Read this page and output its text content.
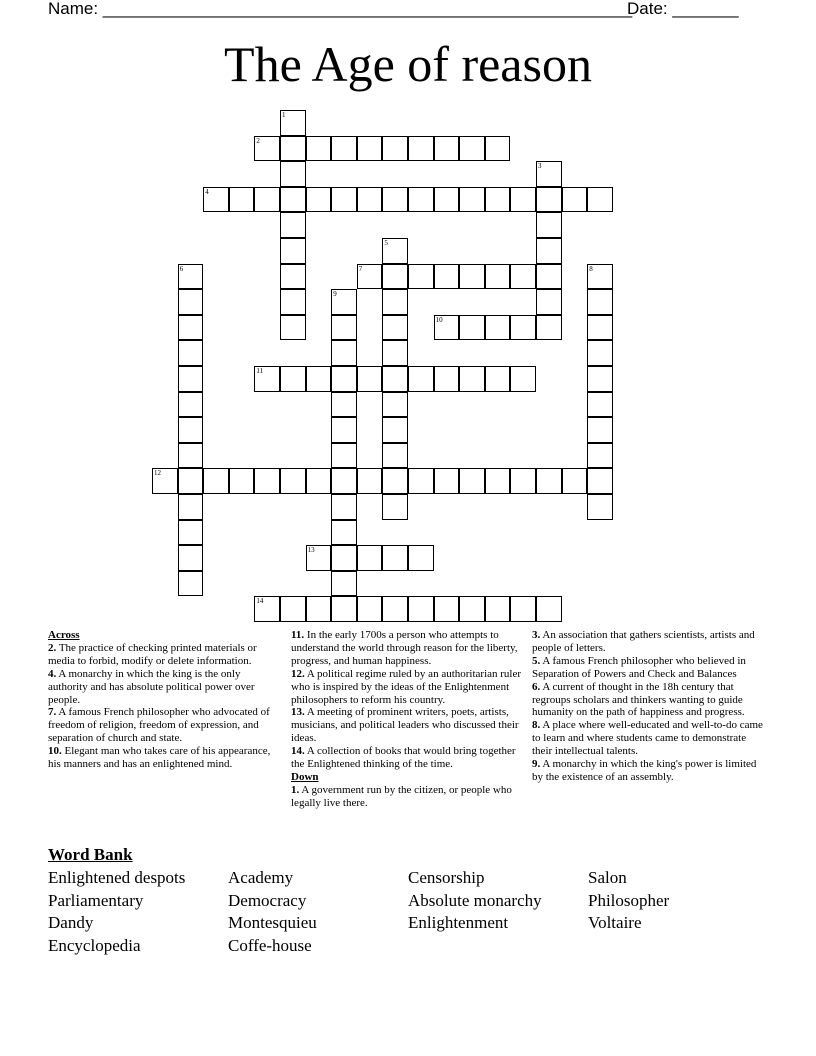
Name: ________________________________________________________
Date: _______
The Age of reason
1
2
3
4
5
6	7	8
9
10
11
12
13
14

Across

2. The practice of checking printed materials or media to forbid, modify or delete information.

4. A monarchy in which the king is the only authority and has absolute political power over people.

7. A famous French philosopher who advocated of freedom of religion, freedom of expression, and separation of church and state.

10. Elegant man who takes care of his appearance, his manners and has an enlightened mind.

11. In the early 1700s a person who attempts to understand the world through reason for the liberty, progress, and human happiness.

12. A political regime ruled by an authoritarian ruler who is inspired by the ideas of the Enlightenment philosophers to reform his country.

13. A meeting of prominent writers, poets, artists, musicians, and political leaders who discussed their ideas.

14. A collection of books that would bring together the Enlightened thinking of the time.

Down

1. A government run by the citizen, or people who legally live there.

3. An association that gathers scientists, artists and people of letters.

5. A famous French philosopher who believed in Separation of Powers and Check and Balances

6. A current of thought in the 18h century that regroups scholars and thinkers wanting to guide humanity on the path of happiness and progress.

8. A place where well-educated and well-to-do came to learn and where students came to demonstrate their intellectual talents.

9. A monarchy in which the king's power is limited by the existence of an assembly.

Word Bank
Enlightened despots	Academy	Censorship	Salon
Parliamentary	Democracy	Absolute monarchy	Philosopher
Dandy	Montesquieu	Enlightenment	Voltaire
Encyclopedia	Coffe-house
